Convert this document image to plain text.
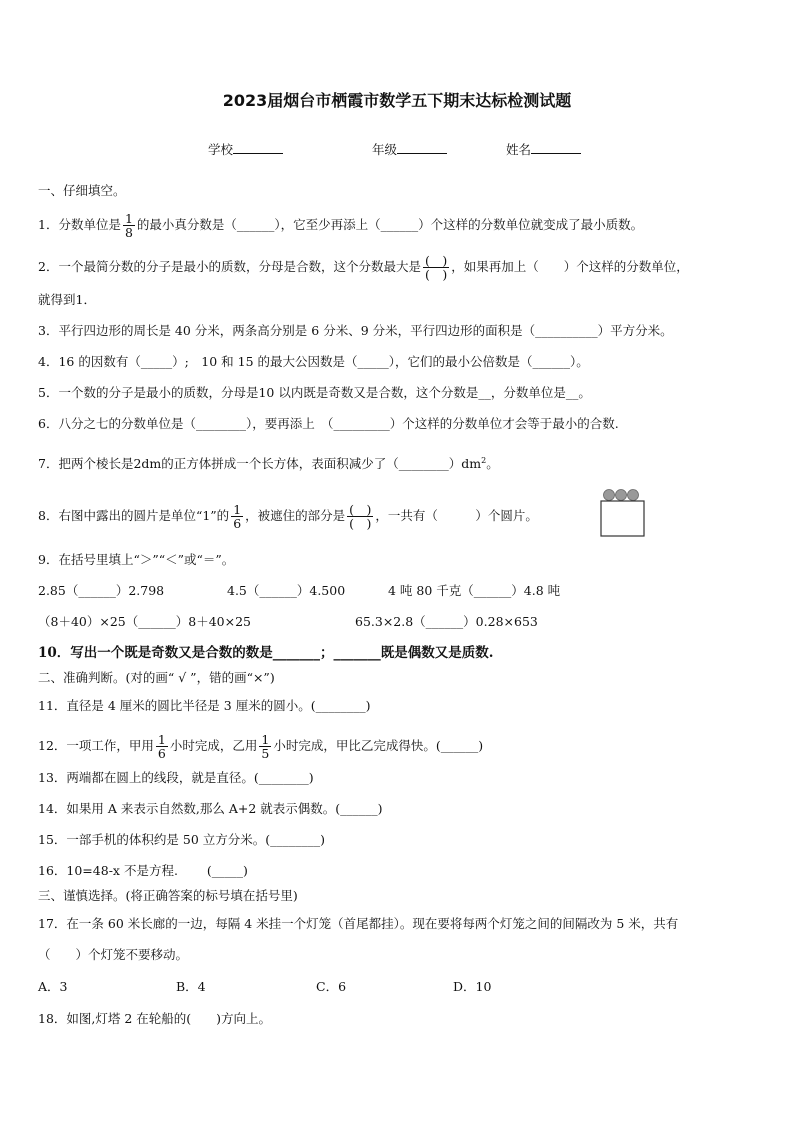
2023届烟台市栖霞市数学五下期末达标检测试题
学校	年级	姓名
一、仔细填空。
1．分数单位是 $\frac{1}{8}$ 的最小真分数是（______），它至少再添上（______）个这样的分数单位就变成了最小质数。
2．一个最简分数的分子是最小的质数，分母是合数，这个分数最大是 $\frac{( )}{( )}$ ，如果再加上（　　）个这样的分数单位，
就得到1．
3．平行四边形的周长是 40 分米，两条高分别是 6 分米、9 分米，平行四边形的面积是（__________）平方分米。
4．16 的因数有（_____）;　10 和 15 的最大公因数是（_____），它们的最小公倍数是（______）。
5．一个数的分子是最小的质数，分母是10 以内既是奇数又是合数，这个分数是__，分数单位是__。
6．八分之七的分数单位是（________），要再添上　（_________）个这样的分数单位才会等于最小的合数.
7．把两个棱长是2dm的正方体拼成一个长方体，表面积减少了$(\_\_\_\_\_\_\_\_)dm^2$。
8．右图中露出的圆片是单位“1”的 $\frac{1}{6}$ ，被遮住的部分是 $\frac{( )}{( )}$ ，一共有（　　　）个圆片。
9．在括号里填上“＞”“＜”或“＝”。
2.85（______）2.798	4.5（______）4.500	4 吨 80 千克（______）4.8 吨
（8＋40）×25（______）8＋40×25	65.3×2.8（______）0.28×653
10．写出一个既是奇数又是合数的数是_______；_______既是偶数又是质数.
二、准确判断。(对的画“ √ ”，错的画“×”)
11．直径是 4 厘米的圆比半径是 3 厘米的圆小。(________)
12．一项工作，甲用 $\frac{1}{6}$ 小时完成，乙用 $\frac{1}{5}$ 小时完成，甲比乙完成得快。(______)
13．两端都在圆上的线段，就是直径。(________)
14．如果用 A 来表示自然数,那么 A+2 就表示偶数。(______)
15．一部手机的体积约是 50 立方分米。(________)
16．10=48-x 不是方程.　　 (_____)
三、谨慎选择。(将正确答案的标号填在括号里)
17．在一条 60 米长廊的一边，每隔 4 米挂一个灯笼（首尾都挂）。现在要将每两个灯笼之间的间隔改为 5 米，共有
（　　）个灯笼不要移动。
A．3	B．4	C．6	D．10
18．如图,灯塔 2 在轮船的(　　)方向上。
